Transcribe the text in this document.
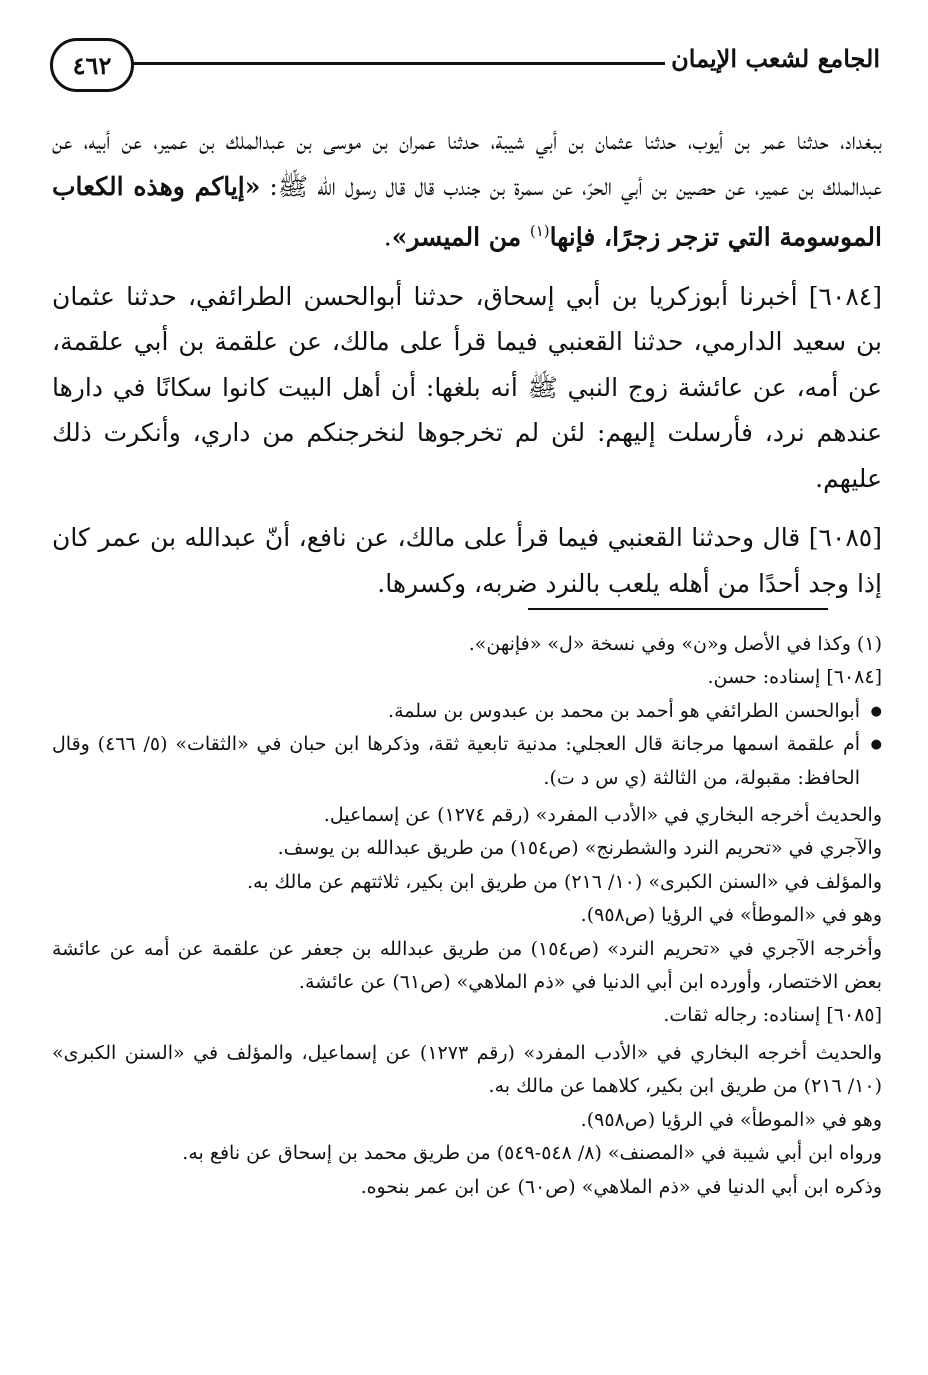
٤٦٢	الجامع لشعب الإيمان

ببغداد، حدثنا عمر بن أيوب، حدثنا عثمان بن أبي شيبة، حدثنا عمران بن موسى بن عبدالملك بن عمير، عن أبيه، عن عبدالملك بن عمير، عن حصين بن أبي الحرّ، عن سمرة بن جندب قال قال رسول الله ﷺ: «إياكم وهذه الكعاب الموسومة التي تزجر زجرًا، فإنها$^{(١)}$ من الميسر».

[٦٠٨٤] أخبرنا أبوزكريا بن أبي إسحاق، حدثنا أبوالحسن الطرائفي، حدثنا عثمان بن سعيد الدارمي، حدثنا القعنبي فيما قرأ على مالك، عن علقمة بن أبي علقمة، عن أمه، عن عائشة زوج النبي ﷺ أنه بلغها: أن أهل البيت كانوا سكانًا في دارها عندهم نرد، فأرسلت إليهم: لئن لم تخرجوها لنخرجنكم من داري، وأنكرت ذلك عليهم.

[٦٠٨٥] قال وحدثنا القعنبي فيما قرأ على مالك، عن نافع، أنّ عبدالله بن عمر كان إذا وجد أحدًا من أهله يلعب بالنرد ضربه، وكسرها.

(١) وكذا في الأصل و«ن» وفي نسخة «ل» «فإنهن».

[٦٠٨٤] إسناده: حسن.

● أبوالحسن الطرائفي هو أحمد بن محمد بن عبدوس بن سلمة.

● أم علقمة اسمها مرجانة قال العجلي: مدنية تابعية ثقة، وذكرها ابن حبان في «الثقات» (٥/ ٤٦٦) وقال الحافظ: مقبولة، من الثالثة (ي س د ت).

والحديث أخرجه البخاري في «الأدب المفرد» (رقم ١٢٧٤) عن إسماعيل.

والآجري في «تحريم النرد والشطرنج» (ص١٥٤) من طريق عبدالله بن يوسف.

والمؤلف في «السنن الكبرى» (١٠/ ٢١٦) من طريق ابن بكير، ثلاثتهم عن مالك به.

وهو في «الموطأ» في الرؤيا (ص٩٥٨).

وأخرجه الآجري في «تحريم النرد» (ص١٥٤) من طريق عبدالله بن جعفر عن علقمة عن أمه عن عائشة بعض الاختصار، وأورده ابن أبي الدنيا في «ذم الملاهي» (ص٦١) عن عائشة.

[٦٠٨٥] إسناده: رجاله ثقات.

والحديث أخرجه البخاري في «الأدب المفرد» (رقم ١٢٧٣) عن إسماعيل، والمؤلف في «السنن الكبرى» (١٠/ ٢١٦) من طريق ابن بكير، كلاهما عن مالك به.

وهو في «الموطأ» في الرؤيا (ص٩٥٨).

ورواه ابن أبي شيبة في «المصنف» (٨/ ٥٤٨-٥٤٩) من طريق محمد بن إسحاق عن نافع به.

وذكره ابن أبي الدنيا في «ذم الملاهي» (ص٦٠) عن ابن عمر بنحوه.
